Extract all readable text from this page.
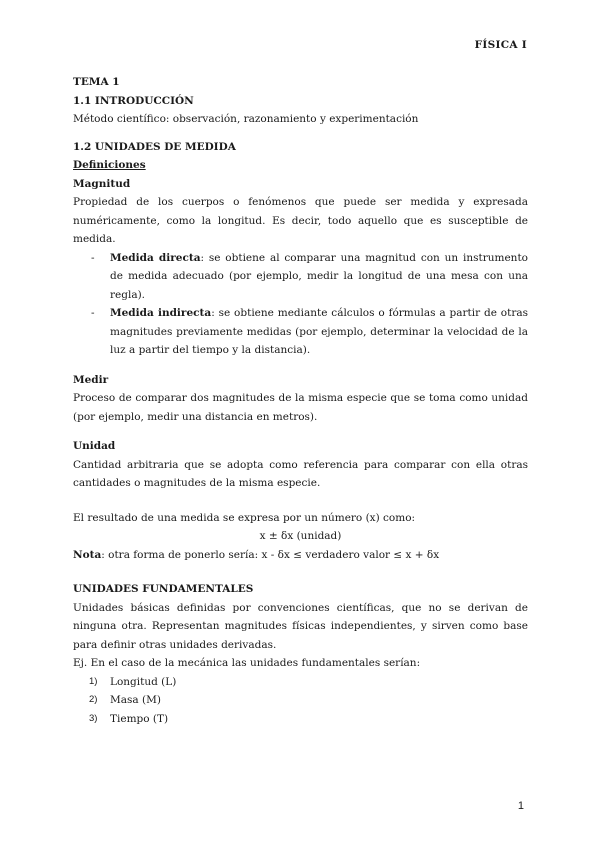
FÍSICA I

TEMA 1

1.1 INTRODUCCIÓN

Método científico: observación, razonamiento y experimentación

1.2 UNIDADES DE MEDIDA

Definiciones

Magnitud

Propiedad de los cuerpos o fenómenos que puede ser medida y expresada numéricamente, como la longitud. Es decir, todo aquello que es susceptible de medida.

- Medida directa: se obtiene al comparar una magnitud con un instrumento de medida adecuado (por ejemplo, medir la longitud de una mesa con una regla).
- Medida indirecta: se obtiene mediante cálculos o fórmulas a partir de otras magnitudes previamente medidas (por ejemplo, determinar la velocidad de la luz a partir del tiempo y la distancia).

Medir

Proceso de comparar dos magnitudes de la misma especie que se toma como unidad (por ejemplo, medir una distancia en metros).

Unidad

Cantidad arbitraria que se adopta como referencia para comparar con ella otras cantidades o magnitudes de la misma especie.

El resultado de una medida se expresa por un número (x) como:

x ± δx (unidad)

Nota: otra forma de ponerlo sería: x - δx ≤ verdadero valor ≤ x + δx

UNIDADES FUNDAMENTALES

Unidades básicas definidas por convenciones científicas, que no se derivan de ninguna otra. Representan magnitudes físicas independientes, y sirven como base para definir otras unidades derivadas.

Ej. En el caso de la mecánica las unidades fundamentales serían:

1) Longitud (L)
2) Masa (M)
3) Tiempo (T)
1
